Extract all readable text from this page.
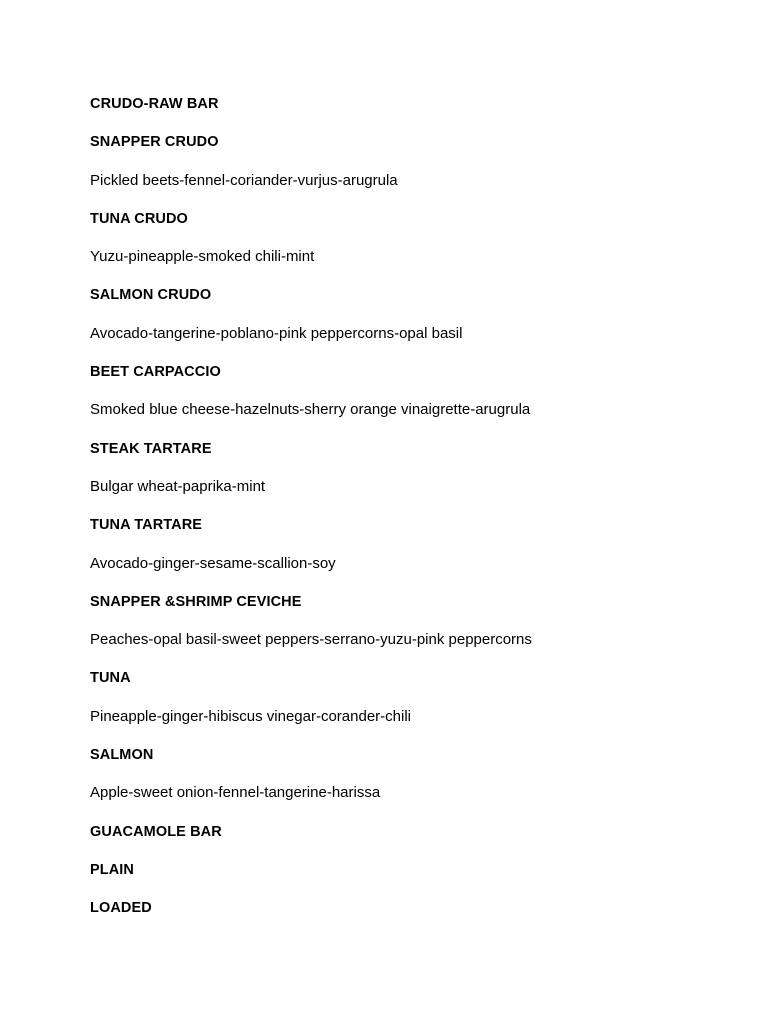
CRUDO-RAW BAR
SNAPPER CRUDO
Pickled beets-fennel-coriander-vurjus-arugrula
TUNA CRUDO
Yuzu-pineapple-smoked chili-mint
SALMON CRUDO
Avocado-tangerine-poblano-pink peppercorns-opal basil
BEET CARPACCIO
Smoked blue cheese-hazelnuts-sherry orange vinaigrette-arugrula
STEAK TARTARE
Bulgar wheat-paprika-mint
TUNA TARTARE
Avocado-ginger-sesame-scallion-soy
SNAPPER &SHRIMP CEVICHE
Peaches-opal basil-sweet peppers-serrano-yuzu-pink peppercorns
TUNA
Pineapple-ginger-hibiscus vinegar-corander-chili
SALMON
Apple-sweet onion-fennel-tangerine-harissa
GUACAMOLE BAR
PLAIN
LOADED
